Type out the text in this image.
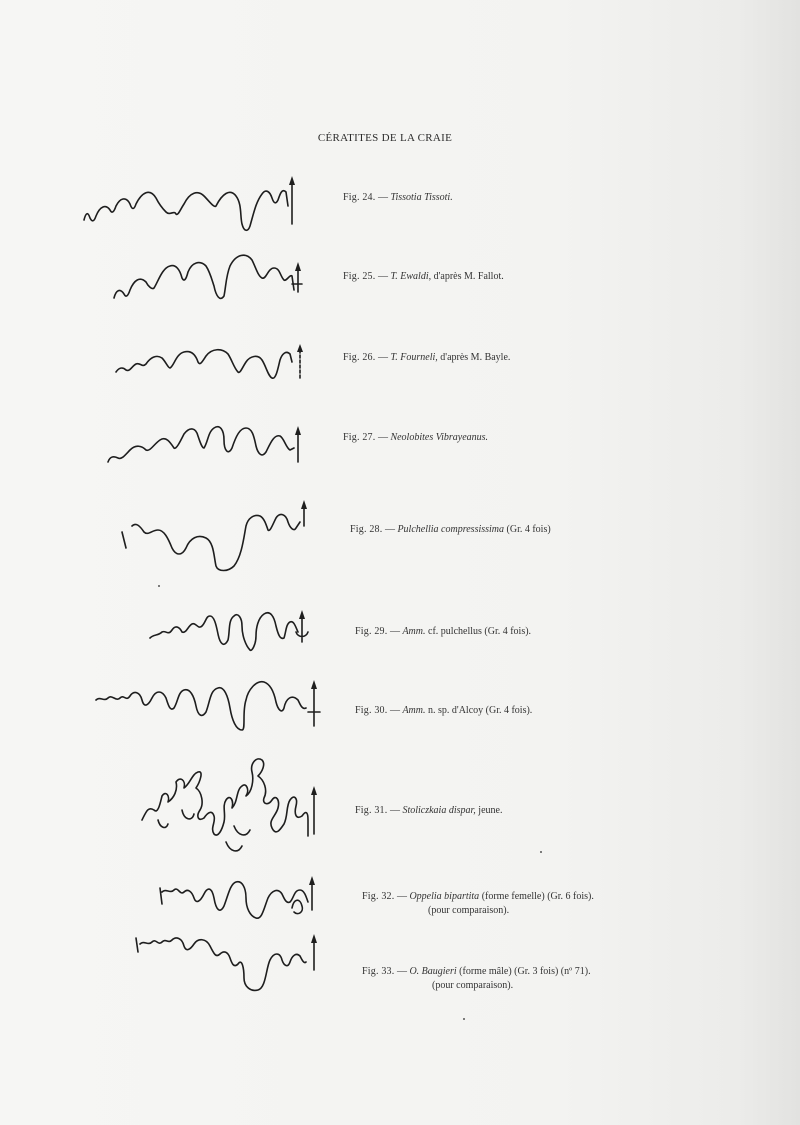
CÉRATITES DE LA CRAIE
Fig. 24. — Tissotia Tissoti.
Fig. 25. — T. Ewaldi, d'après M. Fallot.
Fig. 26. — T. Fourneli, d'après M. Bayle.
Fig. 27. — Neolobites Vibrayeanus.
Fig. 28. — Pulchellia compressissima (Gr. 4 fois)
Fig. 29. — Amm. cf. pulchellus (Gr. 4 fois).
Fig. 30. — Amm. n. sp. d'Alcoy (Gr. 4 fois).
Fig. 31. — Stoliczkaia dispar, jeune.
Fig. 32. — Oppelia bipartita (forme femelle) (Gr. 6 fois).
(pour comparaison).
Fig. 33. — O. Baugieri (forme mâle) (Gr. 3 fois) (nº 71).
(pour comparaison).
